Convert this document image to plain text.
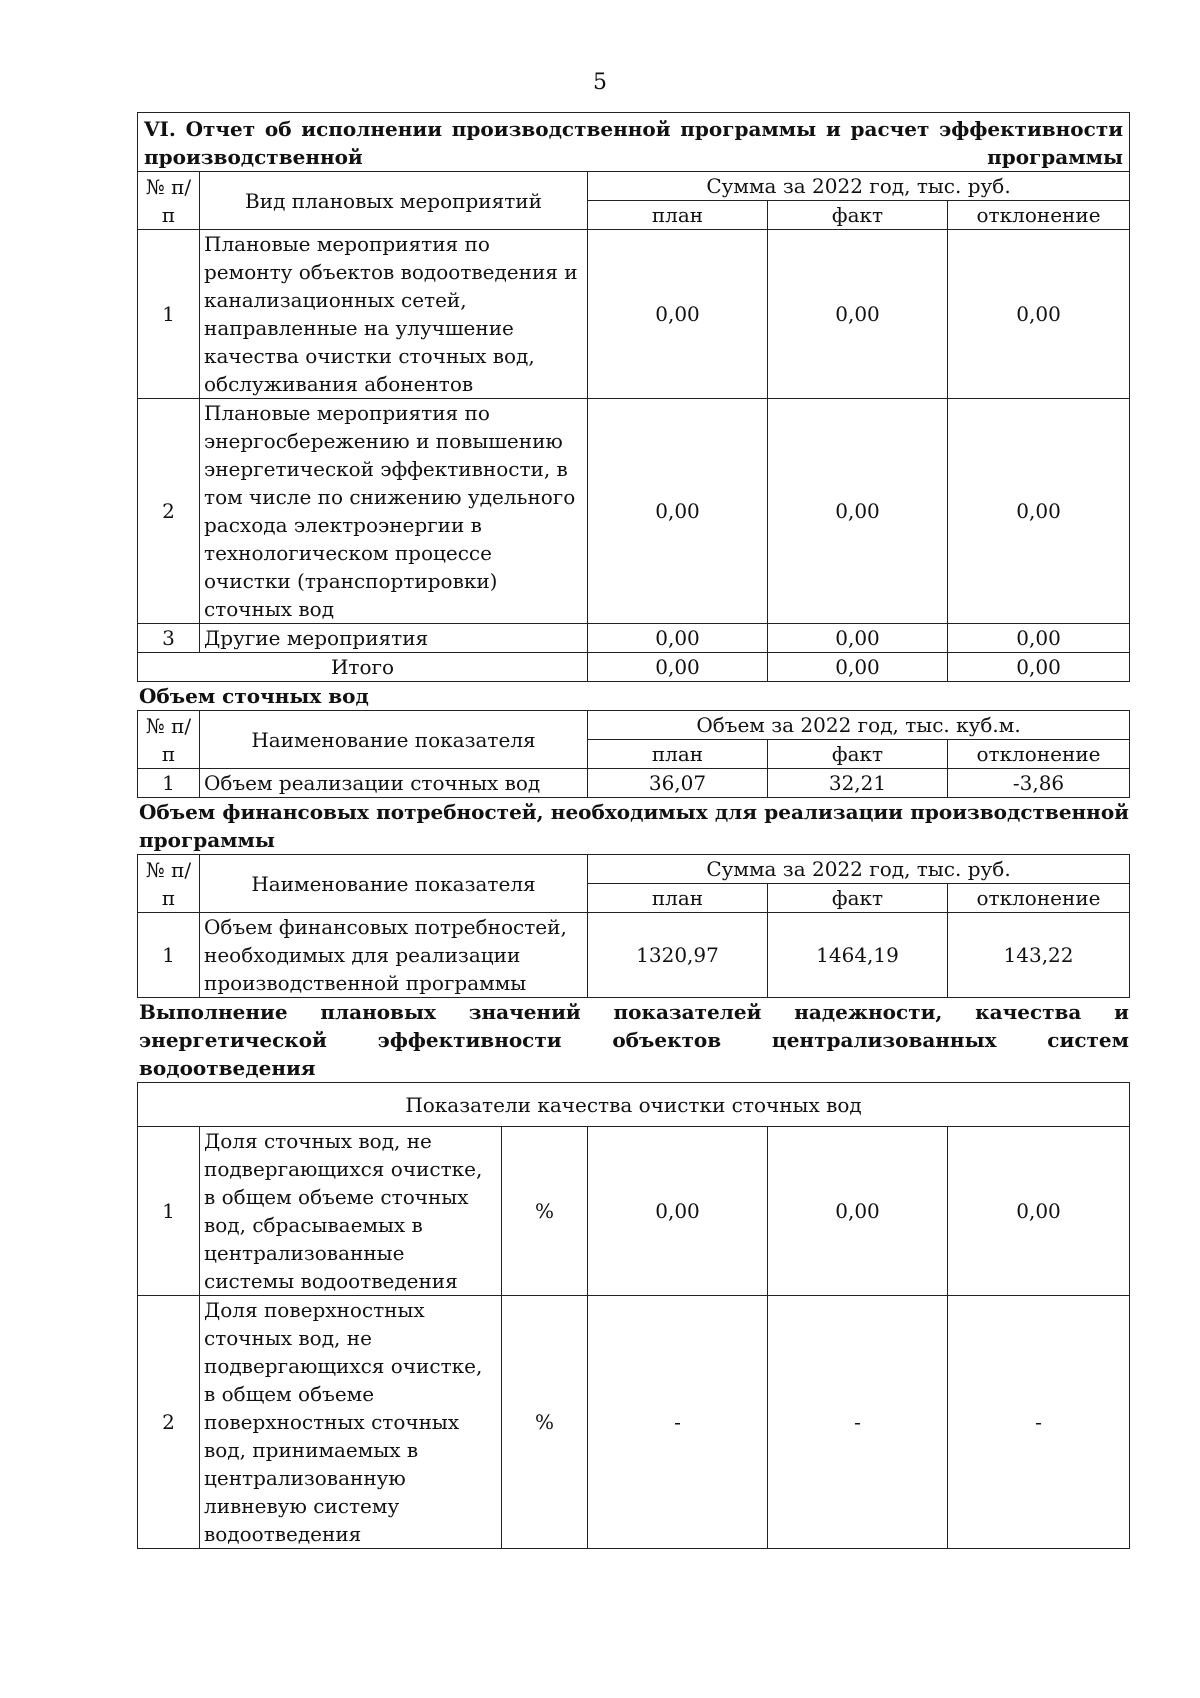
5
VI. Отчет об исполнении производственной программы и расчет эффективности производственной программы				
№ п/п	Вид плановых мероприятий	Сумма за 2022 год, тыс. руб.		
		план	факт	отклонение
1	Плановые мероприятия по ремонту объектов водоотведения и канализационных сетей, направленные на улучшение качества очистки сточных вод, обслуживания абонентов	0,00	0,00	0,00
2	Плановые мероприятия по энергосбережению и повышению энергетической эффективности, в том числе по снижению удельного расхода электроэнергии в технологическом процессе очистки (транспортировки) сточных вод	0,00	0,00	0,00
3	Другие мероприятия	0,00	0,00	0,00
Итого		0,00	0,00	0,00
Объем сточных вод
№ п/п	Наименование показателя	Объем за 2022 год, тыс. куб.м.		
		план	факт	отклонение
1	Объем реализации сточных вод	36,07	32,21	-3,86
Объем финансовых потребностей, необходимых для реализации производственной программы
№ п/п	Наименование показателя	Сумма за 2022 год, тыс. руб.		
		план	факт	отклонение
1	Объем финансовых потребностей, необходимых для реализации производственной программы	1320,97	1464,19	143,22
Выполнение плановых значений показателей надежности, качества и энергетической эффективности объектов централизованных систем водоотведения
Показатели качества очистки сточных вод					
1	Доля сточных вод, не подвергающихся очистке, в общем объеме сточных вод, сбрасываемых в централизованные системы водоотведения	%	0,00	0,00	0,00
2	Доля поверхностных сточных вод, не подвергающихся очистке, в общем объеме поверхностных сточных вод, принимаемых в централизованную ливневую систему водоотведения	%	-	-	-
